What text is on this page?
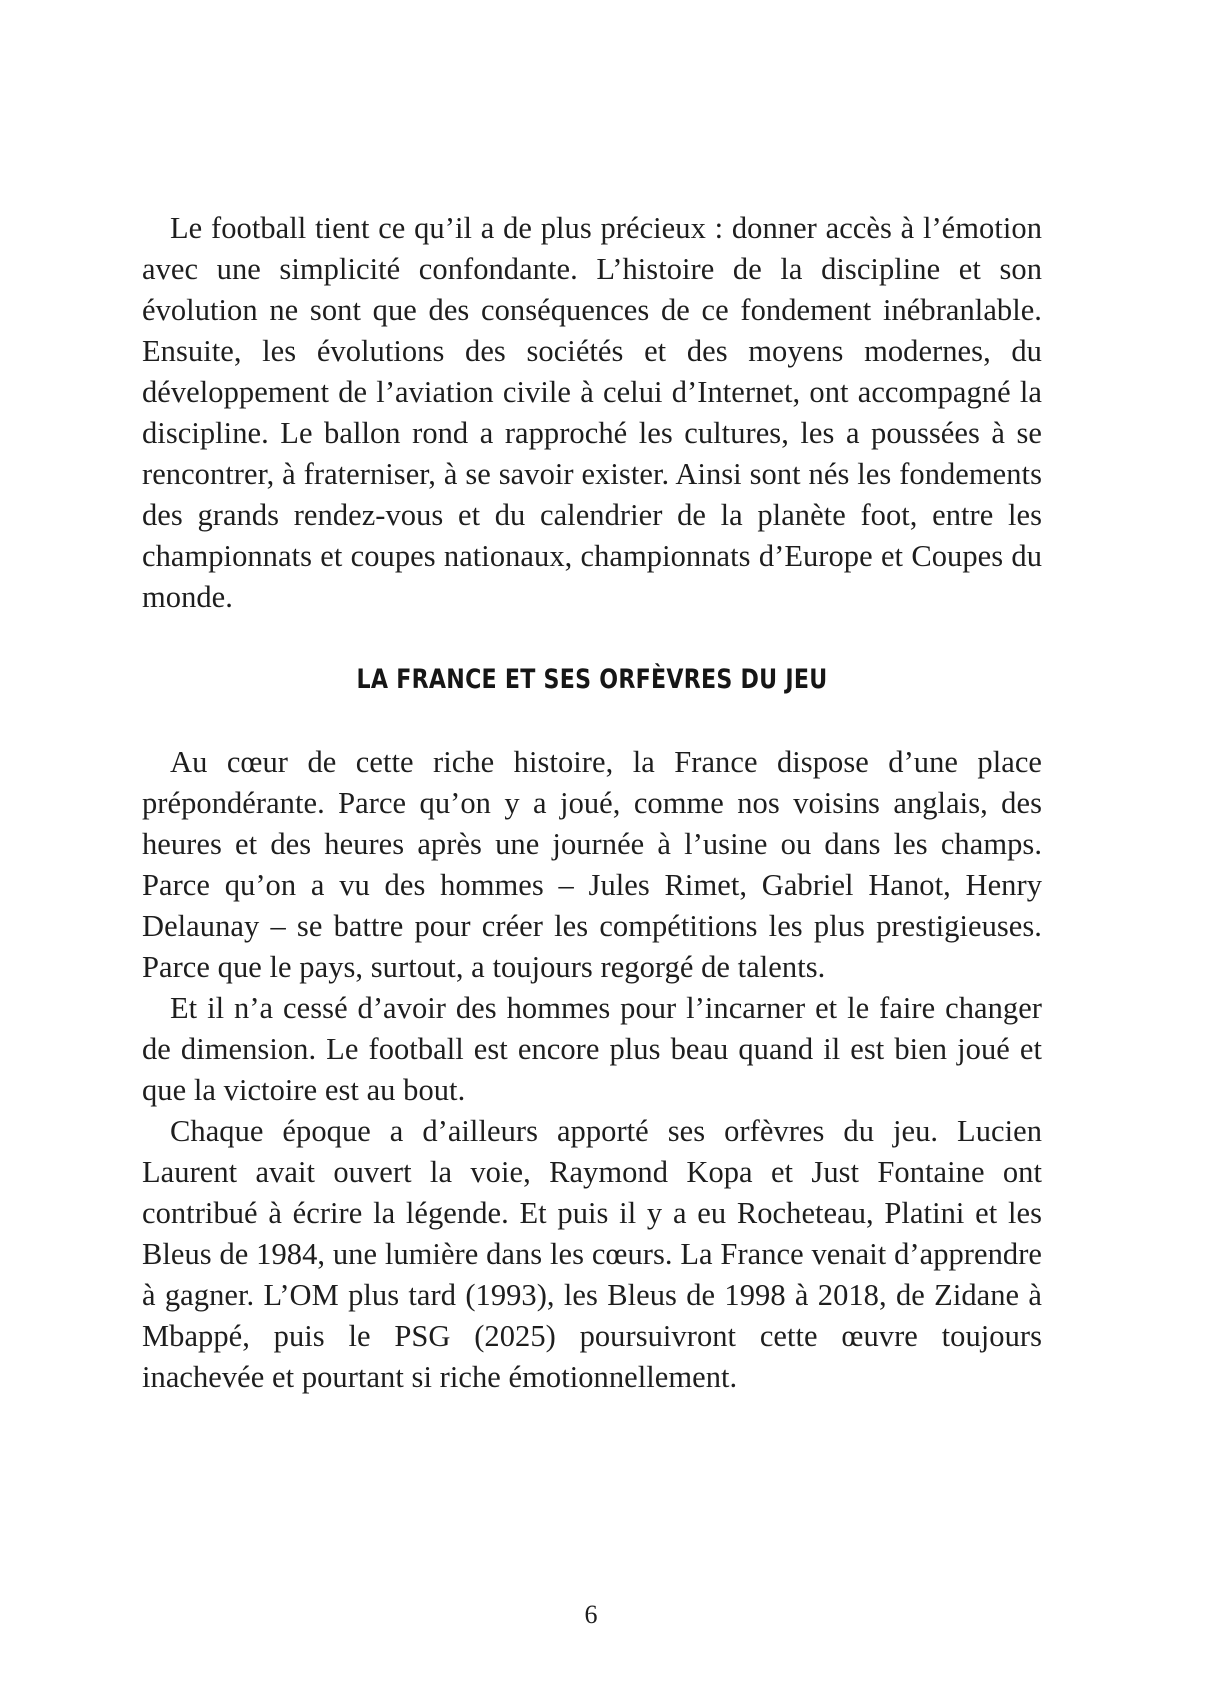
Le football tient ce qu’il a de plus précieux : donner accès à l’émotion avec une simplicité confondante. L’histoire de la discipline et son évolution ne sont que des conséquences de ce fondement inébranlable. Ensuite, les évolutions des sociétés et des moyens modernes, du développement de l’aviation civile à celui d’Internet, ont accompagné la discipline. Le ballon rond a rapproché les cultures, les a poussées à se rencontrer, à fraterniser, à se savoir exister. Ainsi sont nés les fondements des grands rendez-vous et du calendrier de la planète foot, entre les championnats et coupes nationaux, championnats d’Europe et Coupes du monde.

LA FRANCE ET SES ORFÈVRES DU JEU

Au cœur de cette riche histoire, la France dispose d’une place prépondérante. Parce qu’on y a joué, comme nos voisins anglais, des heures et des heures après une journée à l’usine ou dans les champs. Parce qu’on a vu des hommes – Jules Rimet, Gabriel Hanot, Henry Delaunay – se battre pour créer les compétitions les plus prestigieuses. Parce que le pays, surtout, a toujours regorgé de talents.

Et il n’a cessé d’avoir des hommes pour l’incarner et le faire changer de dimension. Le football est encore plus beau quand il est bien joué et que la victoire est au bout.

Chaque époque a d’ailleurs apporté ses orfèvres du jeu. Lucien Laurent avait ouvert la voie, Raymond Kopa et Just Fontaine ont contribué à écrire la légende. Et puis il y a eu Rocheteau, Platini et les Bleus de 1984, une lumière dans les cœurs. La France venait d’apprendre à gagner. L’OM plus tard (1993), les Bleus de 1998 à 2018, de Zidane à Mbappé, puis le PSG (2025) poursuivront cette œuvre toujours inachevée et pourtant si riche émotionnellement.

6
